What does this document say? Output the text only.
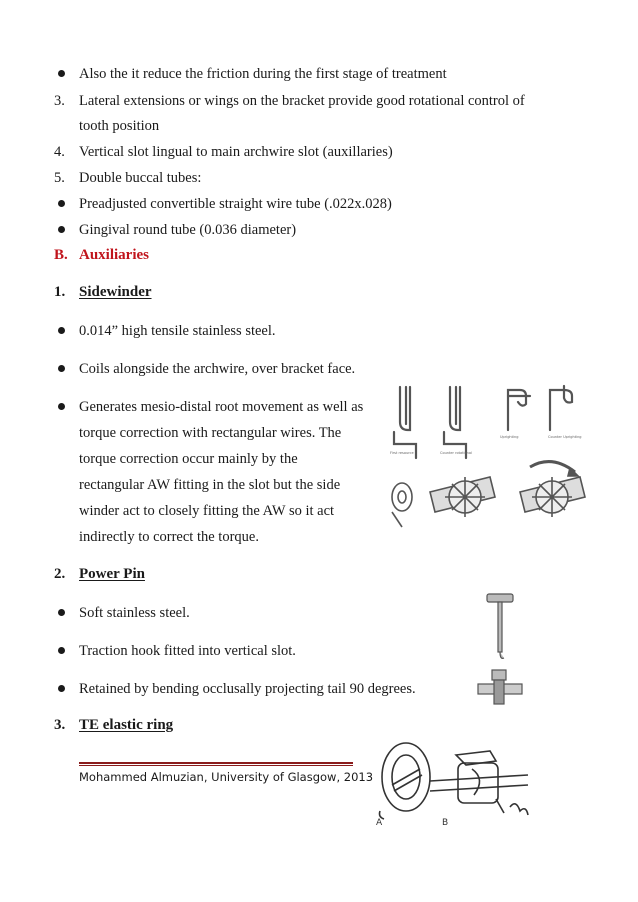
Also the it reduce the friction during the first stage of treatment
3. Lateral extensions or wings on the bracket provide good rotational control of
tooth position
4. Vertical slot lingual to main archwire slot (auxillaries)
5. Double buccal tubes:
Preadjusted convertible straight wire tube (.022x.028)
Gingival round tube (0.036 diameter)
B. Auxiliaries
1. Sidewinder
0.014” high tensile stainless steel.
Coils alongside the archwire, over bracket face.
Generates mesio-distal root movement as well as
torque correction with rectangular wires. The
torque correction occur mainly by the
rectangular AW fitting in the slot but the side
winder act to closely fitting the AW so it act
indirectly to correct the torque.
2. Power Pin
Soft stainless steel.
Traction hook fitted into vertical slot.
Retained by bending occlusally projecting tail 90 degrees.
3. TE elastic ring
First resource	Counter rotational
Uprighting	Counter Uprighting
A	B
Mohammed Almuzian, University of Glasgow, 2013
